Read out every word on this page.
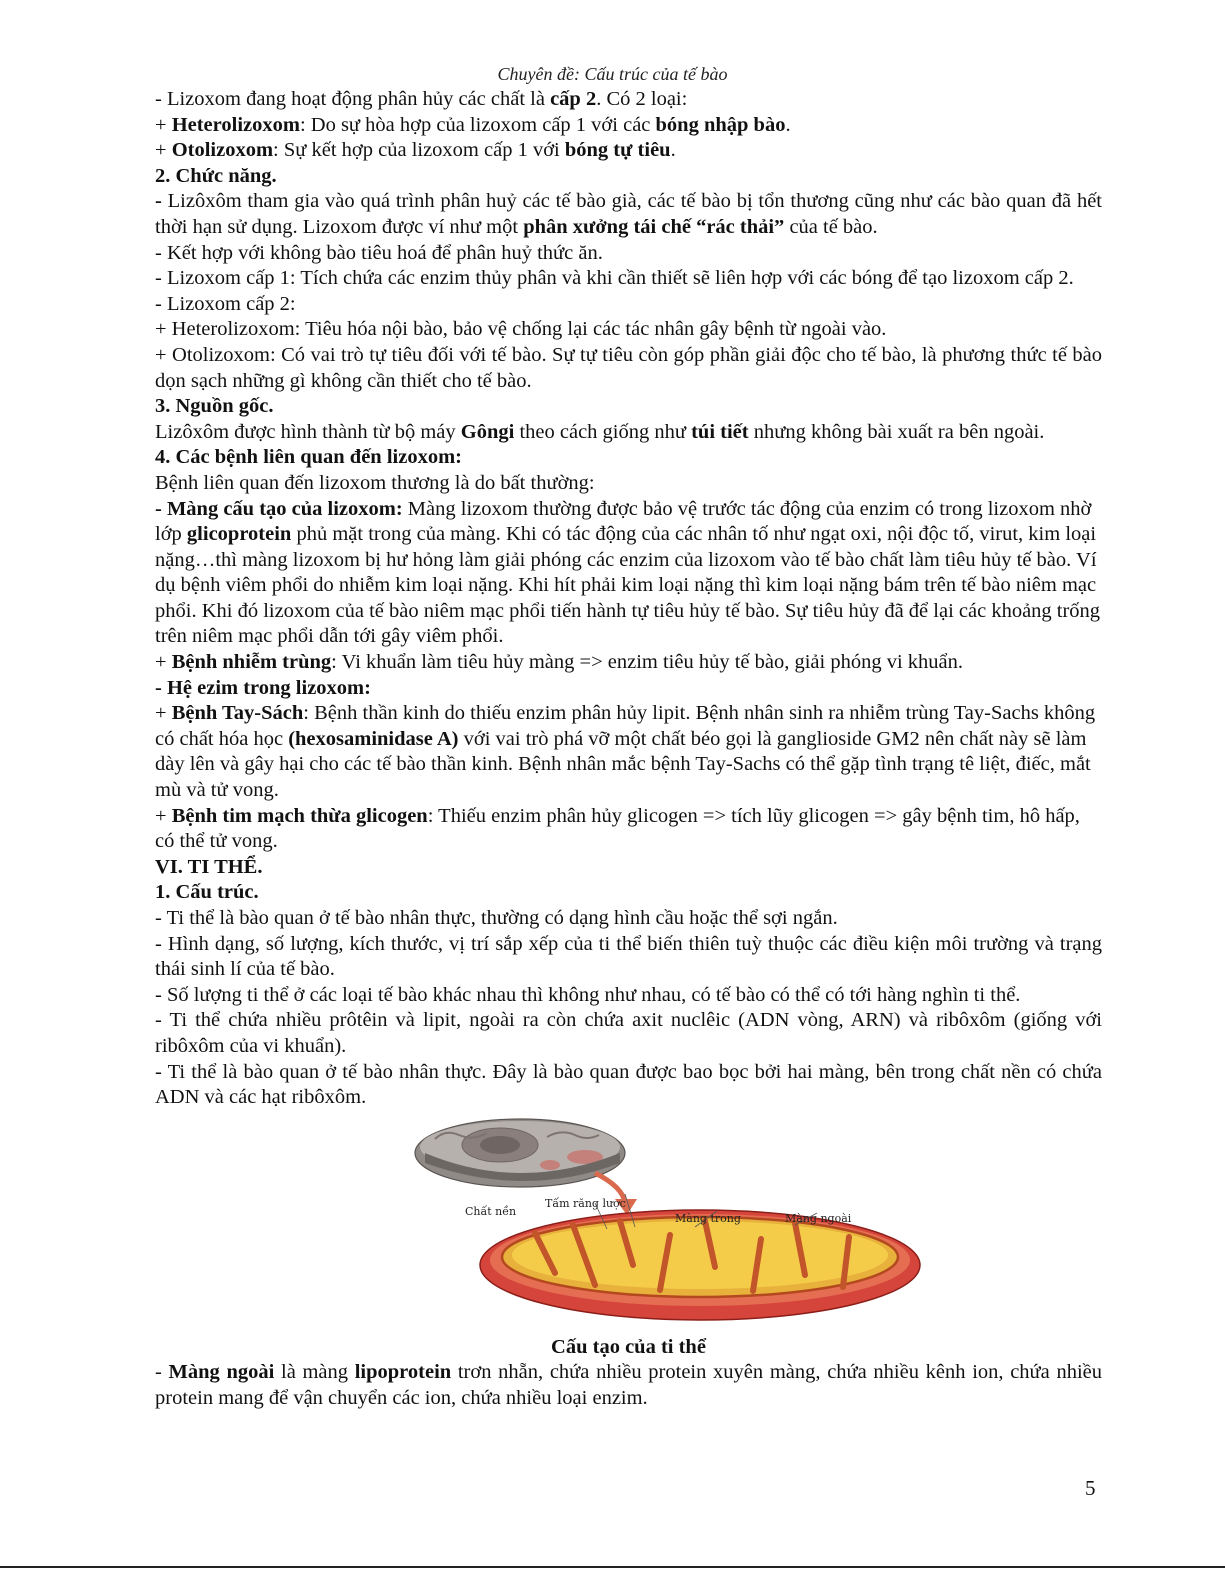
Chuyên đề: Cấu trúc của tế bào

- Lizoxom đang hoạt động phân hủy các chất là cấp 2. Có 2 loại:

+ Heterolizoxom: Do sự hòa hợp của lizoxom cấp 1 với các bóng nhập bào.

+ Otolizoxom: Sự kết hợp của lizoxom cấp 1 với bóng tự tiêu.

2. Chức năng.

- Lizôxôm tham gia vào quá trình phân huỷ các tế bào già, các tế bào bị tổn thương cũng như các bào quan đã hết thời hạn sử dụng. Lizoxom được ví như một phân xưởng tái chế “rác thải” của tế bào.

- Kết hợp với không bào tiêu hoá để phân huỷ thức ăn.

- Lizoxom cấp 1: Tích chứa các enzim thủy phân và khi cần thiết sẽ liên hợp với các bóng để tạo lizoxom cấp 2.

- Lizoxom cấp 2:

+ Heterolizoxom: Tiêu hóa nội bào, bảo vệ chống lại các tác nhân gây bệnh từ ngoài vào.

+ Otolizoxom: Có vai trò tự tiêu đối với tế bào. Sự tự tiêu còn góp phần giải độc cho tế bào, là phương thức tế bào dọn sạch những gì không cần thiết cho tế bào.

3. Nguồn gốc.

Lizôxôm được hình thành từ bộ máy Gôngi theo cách giống như túi tiết nhưng không bài xuất ra bên ngoài.

4. Các bệnh liên quan đến lizoxom:

Bệnh liên quan đến lizoxom thương là do bất thường:

- Màng cấu tạo của lizoxom: Màng lizoxom thường được bảo vệ trước tác động của enzim có trong lizoxom nhờ lớp glicoprotein phủ mặt trong của màng. Khi có tác động của các nhân tố như ngạt oxi, nội độc tố, virut, kim loại nặng…thì màng lizoxom bị hư hỏng làm giải phóng các enzim của lizoxom vào tế bào chất làm tiêu hủy tế bào. Ví dụ bệnh viêm phổi do nhiễm kim loại nặng. Khi hít phải kim loại nặng thì kim loại nặng bám trên tế bào niêm mạc phổi. Khi đó lizoxom của tế bào niêm mạc phổi tiến hành tự tiêu hủy tế bào. Sự tiêu hủy đã để lại các khoảng trống trên niêm mạc phổi dẫn tới gây viêm phổi.

+ Bệnh nhiễm trùng: Vi khuẩn làm tiêu hủy màng => enzim tiêu hủy tế bào, giải phóng vi khuẩn.

- Hệ ezim trong lizoxom:

+ Bệnh Tay-Sách: Bệnh thần kinh do thiếu enzim phân hủy lipit. Bệnh nhân sinh ra nhiễm trùng Tay-Sachs không có chất hóa học (hexosaminidase A) với vai trò phá vỡ một chất béo gọi là ganglioside GM2 nên chất này sẽ làm dày lên và gây hại cho các tế bào thần kinh. Bệnh nhân mắc bệnh Tay-Sachs có thể gặp tình trạng tê liệt, điếc, mắt mù và tử vong.

+ Bệnh tim mạch thừa glicogen: Thiếu enzim phân hủy glicogen => tích lũy glicogen => gây bệnh tim, hô hấp, có thể tử vong.

VI. TI THỂ.

1. Cấu trúc.

- Ti thể là bào quan ở tế bào nhân thực, thường có dạng hình cầu hoặc thể sợi ngắn.

- Hình dạng, số lượng, kích thước, vị trí sắp xếp của ti thể biến thiên tuỳ thuộc các điều kiện môi trường và trạng thái sinh lí của tế bào.

- Số lượng ti thể ở các loại tế bào khác nhau thì không như nhau, có tế bào có thể có tới hàng nghìn ti thể.

- Ti thể chứa nhiều prôtêin và lipit, ngoài ra còn chứa axit nuclêic (ADN vòng, ARN) và ribôxôm (giống với ribôxôm của vi khuẩn).

- Ti thể là bào quan ở tế bào nhân thực. Đây là bào quan được bao bọc bởi hai màng, bên trong chất nền có chứa ADN và các hạt ribôxôm.

Chất nền
Tấm răng lược
Màng trong	Màng ngoài

Cấu tạo của ti thể

- Màng ngoài là màng lipoprotein trơn nhẵn, chứa nhiều protein xuyên màng, chứa nhiều kênh ion, chứa nhiều protein mang để vận chuyển các ion, chứa nhiều loại enzim.

5
